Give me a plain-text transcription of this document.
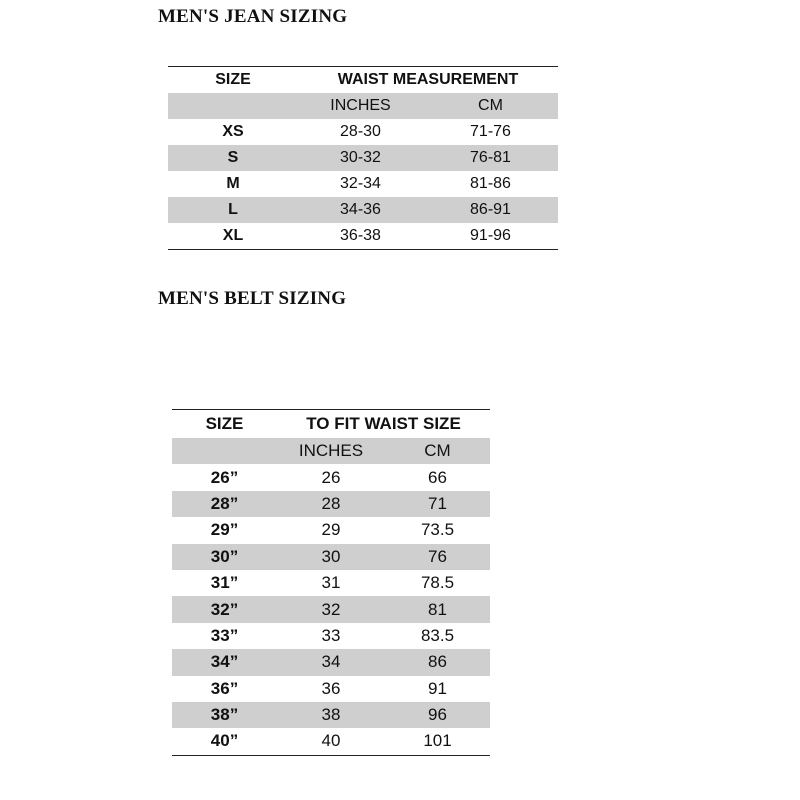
MEN'S JEAN SIZING
SIZE	WAIST MEASUREMENT	
	INCHES	CM
XS	28-30	71-76
S	30-32	76-81
M	32-34	81-86
L	34-36	86-91
XL	36-38	91-96
MEN'S BELT SIZING
SIZE	TO FIT WAIST SIZE	
	INCHES	CM
26”	26	66
28”	28	71
29”	29	73.5
30”	30	76
31”	31	78.5
32”	32	81
33”	33	83.5
34”	34	86
36”	36	91
38”	38	96
40”	40	101
